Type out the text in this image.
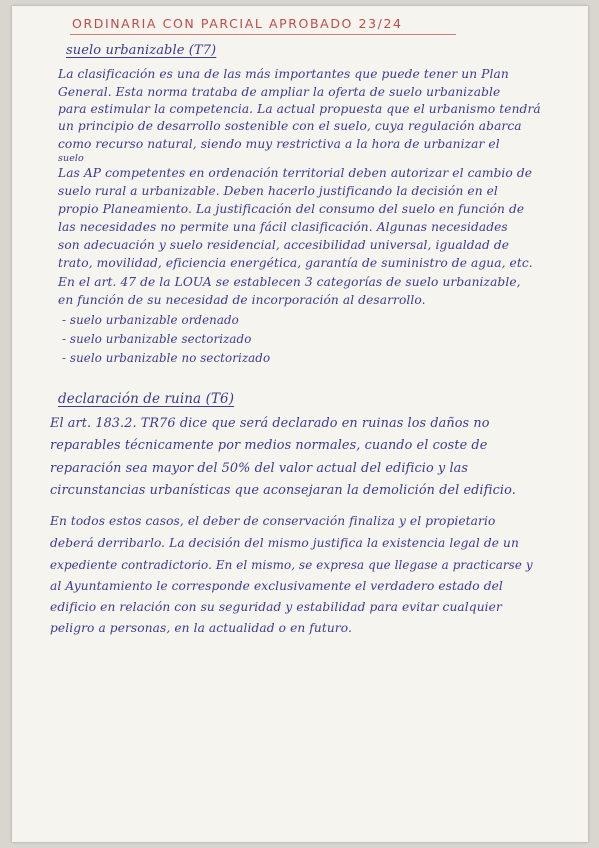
ORDINARIA CON PARCIAL APROBADO 23/24
suelo urbanizable (T7)
La clasificación es una de las más importantes que puede tener un Plan
General. Esta norma trataba de ampliar la oferta de suelo urbanizable
para estimular la competencia. La actual propuesta que el urbanismo tendrá
un principio de desarrollo sostenible con el suelo, cuya regulación abarca
como recurso natural, siendo muy restrictiva a la hora de urbanizar el
suelo
Las AP competentes en ordenación territorial deben autorizar el cambio de
suelo rural a urbanizable. Deben hacerlo justificando la decisión en el
propio Planeamiento. La justificación del consumo del suelo en función de
las necesidades no permite una fácil clasificación. Algunas necesidades
son adecuación y suelo residencial, accesibilidad universal, igualdad de
trato, movilidad, eficiencia energética, garantía de suministro de agua, etc.
En el art. 47 de la LOUA se establecen 3 categorías de suelo urbanizable,
en función de su necesidad de incorporación al desarrollo.
- suelo urbanizable ordenado
- suelo urbanizable sectorizado
- suelo urbanizable no sectorizado
declaración de ruina (T6)
El art. 183.2. TR76 dice que será declarado en ruinas los daños no
reparables técnicamente por medios normales, cuando el coste de
reparación sea mayor del 50% del valor actual del edificio y las
circunstancias urbanísticas que aconsejaran la demolición del edificio.
En todos estos casos, el deber de conservación finaliza y el propietario
deberá derribarlo. La decisión del mismo justifica la existencia legal de un
expediente contradictorio. En el mismo, se expresa que llegase a practicarse y
al Ayuntamiento le corresponde exclusivamente el verdadero estado del
edificio en relación con su seguridad y estabilidad para evitar cualquier
peligro a personas, en la actualidad o en futuro.
